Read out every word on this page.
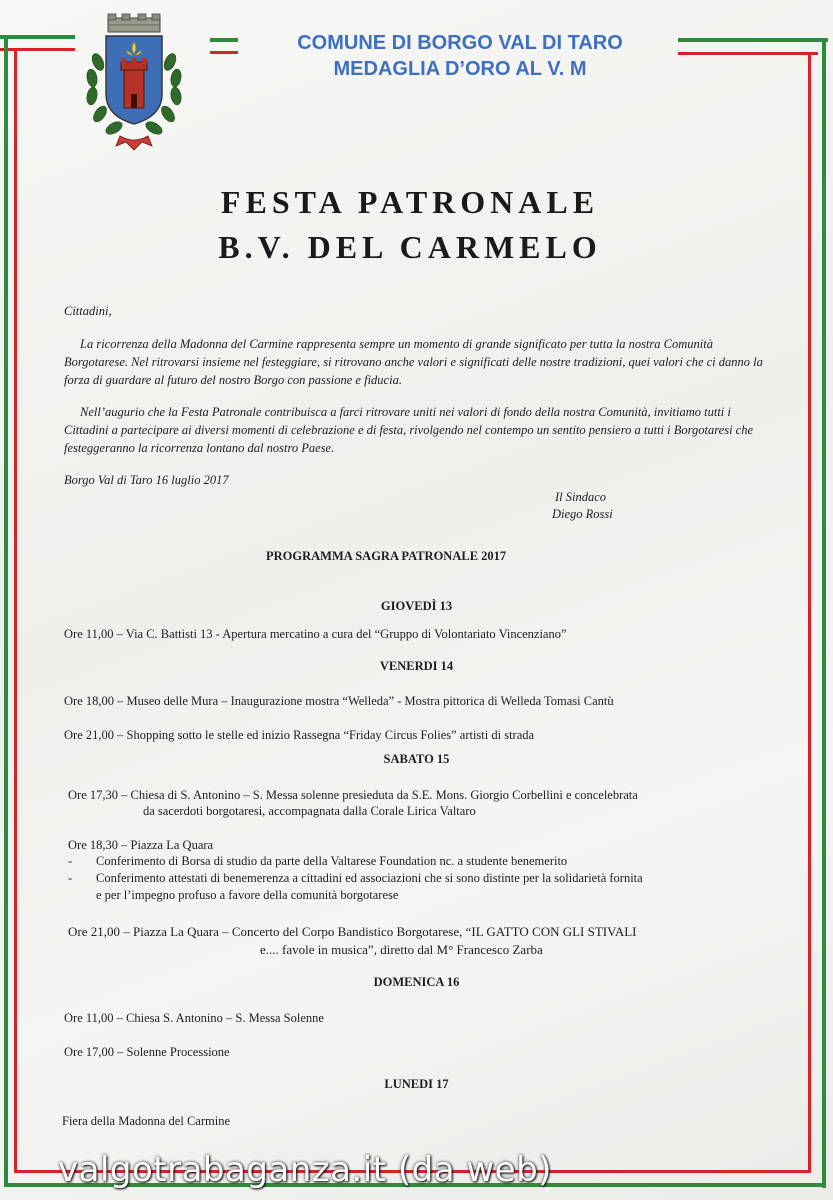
COMUNE DI BORGO VAL DI TARO
MEDAGLIA D’ORO AL V. M
FESTA PATRONALE
B.V. DEL CARMELO
Cittadini,
La ricorrenza della Madonna del Carmine rappresenta sempre un momento di grande significato per tutta la nostra Comunità Borgotarese. Nel ritrovarsi insieme nel festeggiare, si ritrovano anche valori e significati delle nostre tradizioni, quei valori che ci danno la forza di guardare al futuro del nostro Borgo con passione e fiducia.
Nell’augurio che la Festa Patronale contribuisca a farci ritrovare uniti nei valori di fondo della nostra Comunità, invitiamo tutti i Cittadini a partecipare ai diversi momenti di celebrazione e di festa, rivolgendo nel contempo un sentito pensiero a tutti i Borgotaresi che festeggeranno la ricorrenza lontano dal nostro Paese.
Borgo Val di Taro 16 luglio 2017
Il Sindaco
Diego Rossi
PROGRAMMA SAGRA PATRONALE 2017
GIOVEDÌ 13
Ore 11,00 – Via C. Battisti 13 - Apertura mercatino a cura del “Gruppo di Volontariato Vincenziano”
VENERDI 14
Ore 18,00 – Museo delle Mura – Inaugurazione mostra “Welleda” - Mostra pittorica di Welleda Tomasi Cantù
Ore 21,00 – Shopping sotto le stelle ed inizio Rassegna “Friday Circus Folies” artisti di strada
SABATO 15
Ore 17,30 – Chiesa di S. Antonino – S. Messa solenne presieduta da S.E. Mons. Giorgio Corbellini e concelebrata
da sacerdoti borgotaresi, accompagnata dalla Corale Lirica Valtaro
Ore 18,30 – Piazza La Quara
- Conferimento di Borsa di studio da parte della Valtarese Foundation nc. a studente benemerito
- Conferimento attestati di benemerenza a cittadini ed associazioni che si sono distinte per la solidarietà fornita
e per l’impegno profuso a favore della comunità borgotarese
Ore 21,00 – Piazza La Quara – Concerto del Corpo Bandistico Borgotarese, “IL GATTO CON GLI STIVALI
e.... favole in musica”, diretto dal M° Francesco Zarba
DOMENICA 16
Ore 11,00 – Chiesa S. Antonino – S. Messa Solenne
Ore 17,00 – Solenne Processione
LUNEDI 17
Fiera della Madonna del Carmine
valgotrabaganza.it (da web)
